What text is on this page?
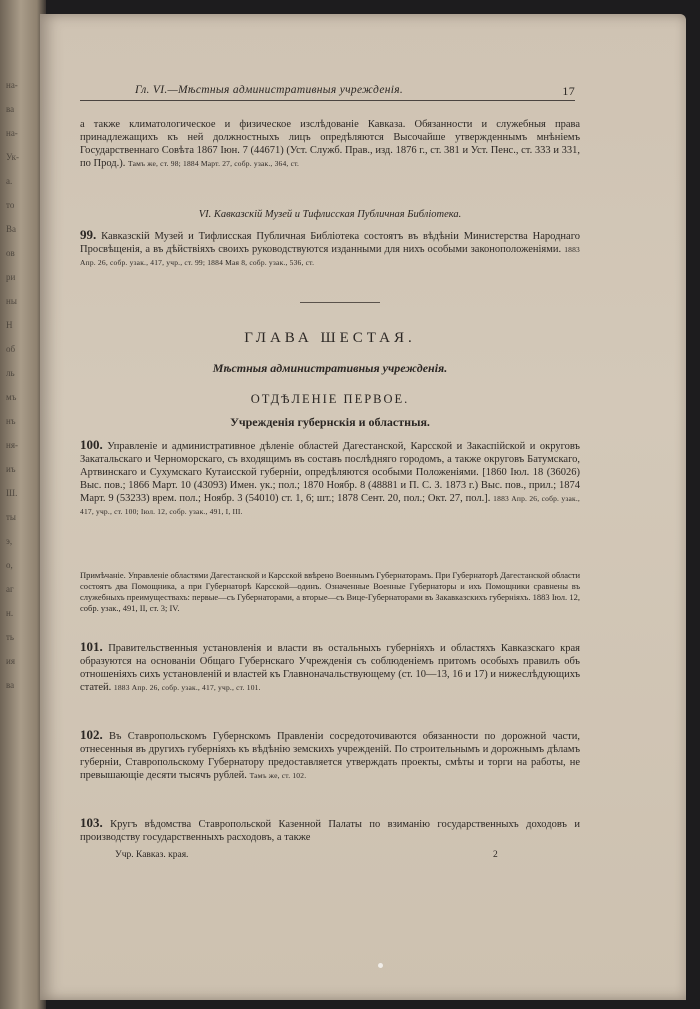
на-
ва
на-
Ук-
а.
то
Ва
ов
ри
ны
Н
об
ль
мъ
нъ
ня-
иъ
Ш.
ты
э,
о,
аг
н.
ть
ия
ва
Гл. VI.—Мѣстныя административныя учрежденія.	17
а также климатологическое и физическое изслѣдованіе Кавказа. Обязанности и служебныя права принадлежащихъ къ ней должностныхъ лицъ опредѣляются Высочайше утвержденнымъ мнѣніемъ Государственнаго Совѣта 1867 Іюн. 7 (44671) (Уст. Служб. Прав., изд. 1876 г., ст. 381 и Уст. Пенс., ст. 333 и 331, по Прод.). Тамъ же, ст. 98; 1884 Март. 27, собр. узак., 364, ст.
VI. Кавказскій Музей и Тифлисская Публичная Библіотека.
99. Кавказскій Музей и Тифлисская Публичная Библіотека состоятъ въ вѣдѣніи Министерства Народнаго Просвѣщенія, а въ дѣйствіяхъ своихъ руководствуются изданными для нихъ особыми законоположеніями. 1883 Апр. 26, собр. узак., 417, учр., ст. 99; 1884 Мая 8, собр. узак., 536, ст.
ГЛАВА ШЕСТАЯ.
Мѣстныя административныя учрежденія.
ОТДѢЛЕНІЕ ПЕРВОЕ.
Учрежденія губернскія и областныя.
100. Управленіе и административное дѣленіе областей Дагестанской, Карсской и Закаспійской и округовъ Закатальскаго и Черноморскаго, съ входящимъ въ составъ послѣдняго городомъ, а также округовъ Батумскаго, Артвинскаго и Сухумскаго Кутаисской губерніи, опредѣляются особыми Положеніями. [1860 Іюл. 18 (36026) Выс. пов.; 1866 Март. 10 (43093) Имен. ук.; пол.; 1870 Ноябр. 8 (48881 и П. С. З. 1873 г.) Выс. пов., прил.; 1874 Март. 9 (53233) врем. пол.; Ноябр. 3 (54010) ст. 1, 6; шт.; 1878 Сент. 20, пол.; Окт. 27, пол.]. 1883 Апр. 26, собр. узак., 417, учр., ст. 100; Іюл. 12, собр. узак., 491, I, III.
Примѣчаніе. Управленіе областями Дагестанской и Карсской ввѣрено Военнымъ Губернаторамъ. При Губернаторѣ Дагестанской области состоятъ два Помощника, а при Губернаторѣ Карсской—одинъ. Означенные Военные Губернаторы и ихъ Помощники сравнены въ служебныхъ преимуществахъ: первые—съ Губернаторами, а вторые—съ Вице-Губернаторами въ Закавказскихъ губерніяхъ. 1883 Іюл. 12, собр. узак., 491, II, ст. 3; IV.
101. Правительственныя установленія и власти въ остальныхъ губерніяхъ и областяхъ Кавказскаго края образуются на основаніи Общаго Губернскаго Учрежденія съ соблюденіемъ притомъ особыхъ правилъ объ отношеніяхъ сихъ установленій и властей къ Главноначальствующему (ст. 10—13, 16 и 17) и нижеслѣдующихъ статей. 1883 Апр. 26, собр. узак., 417, учр., ст. 101.
102. Въ Ставропольскомъ Губернскомъ Правленіи сосредоточиваются обязанности по дорожной части, отнесенныя въ другихъ губерніяхъ къ вѣдѣнію земскихъ учрежденій. По строительнымъ и дорожнымъ дѣламъ губерніи, Ставропольскому Губернатору предоставляется утверждать проекты, смѣты и торги на работы, не превышающіе десяти тысячъ рублей. Тамъ же, ст. 102.
103. Кругъ вѣдомства Ставропольской Казенной Палаты по взиманію государственныхъ доходовъ и производству государственныхъ расходовъ, а также
Учр. Кавказ. края.	2
